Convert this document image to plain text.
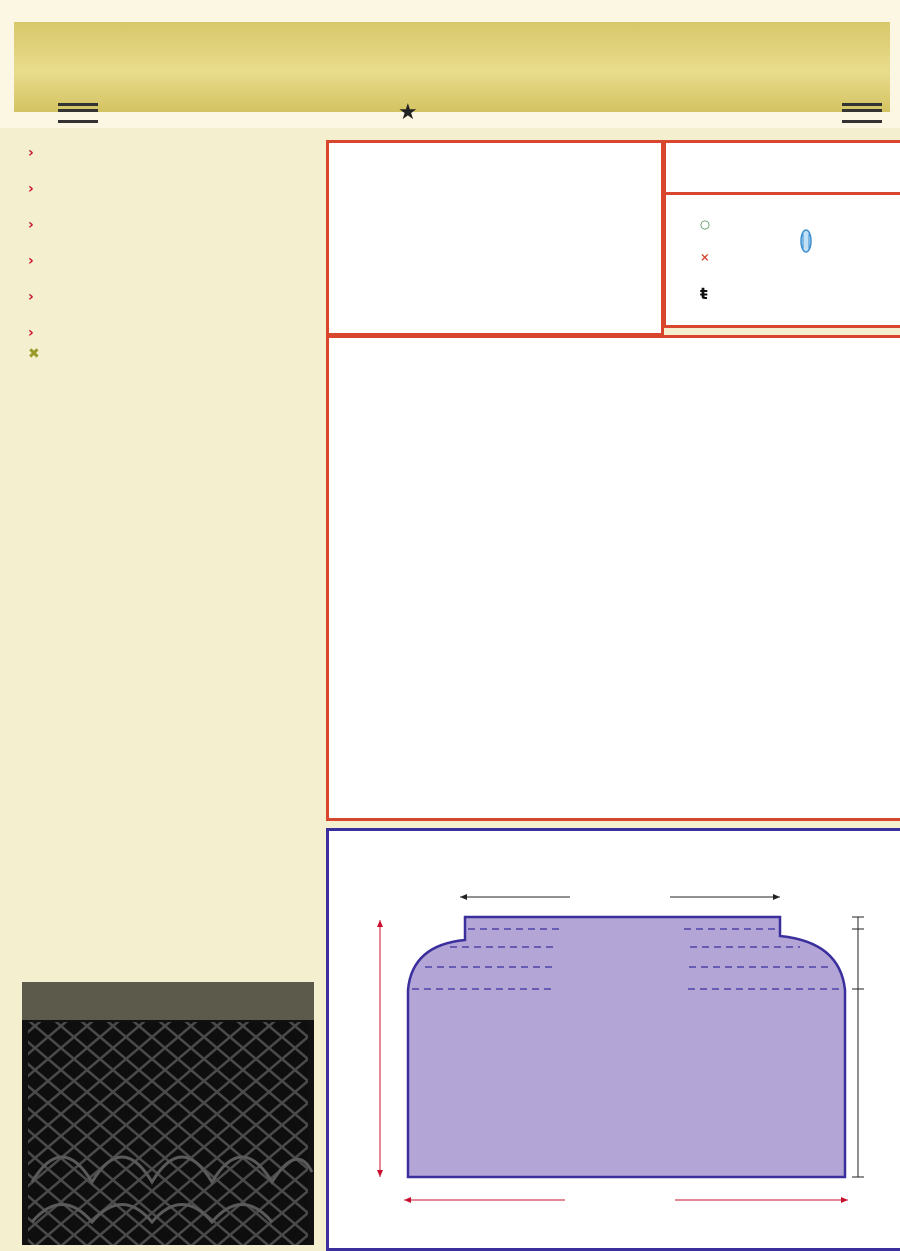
★
›

›

›

›

›

›

✖

○
×
ŧ
